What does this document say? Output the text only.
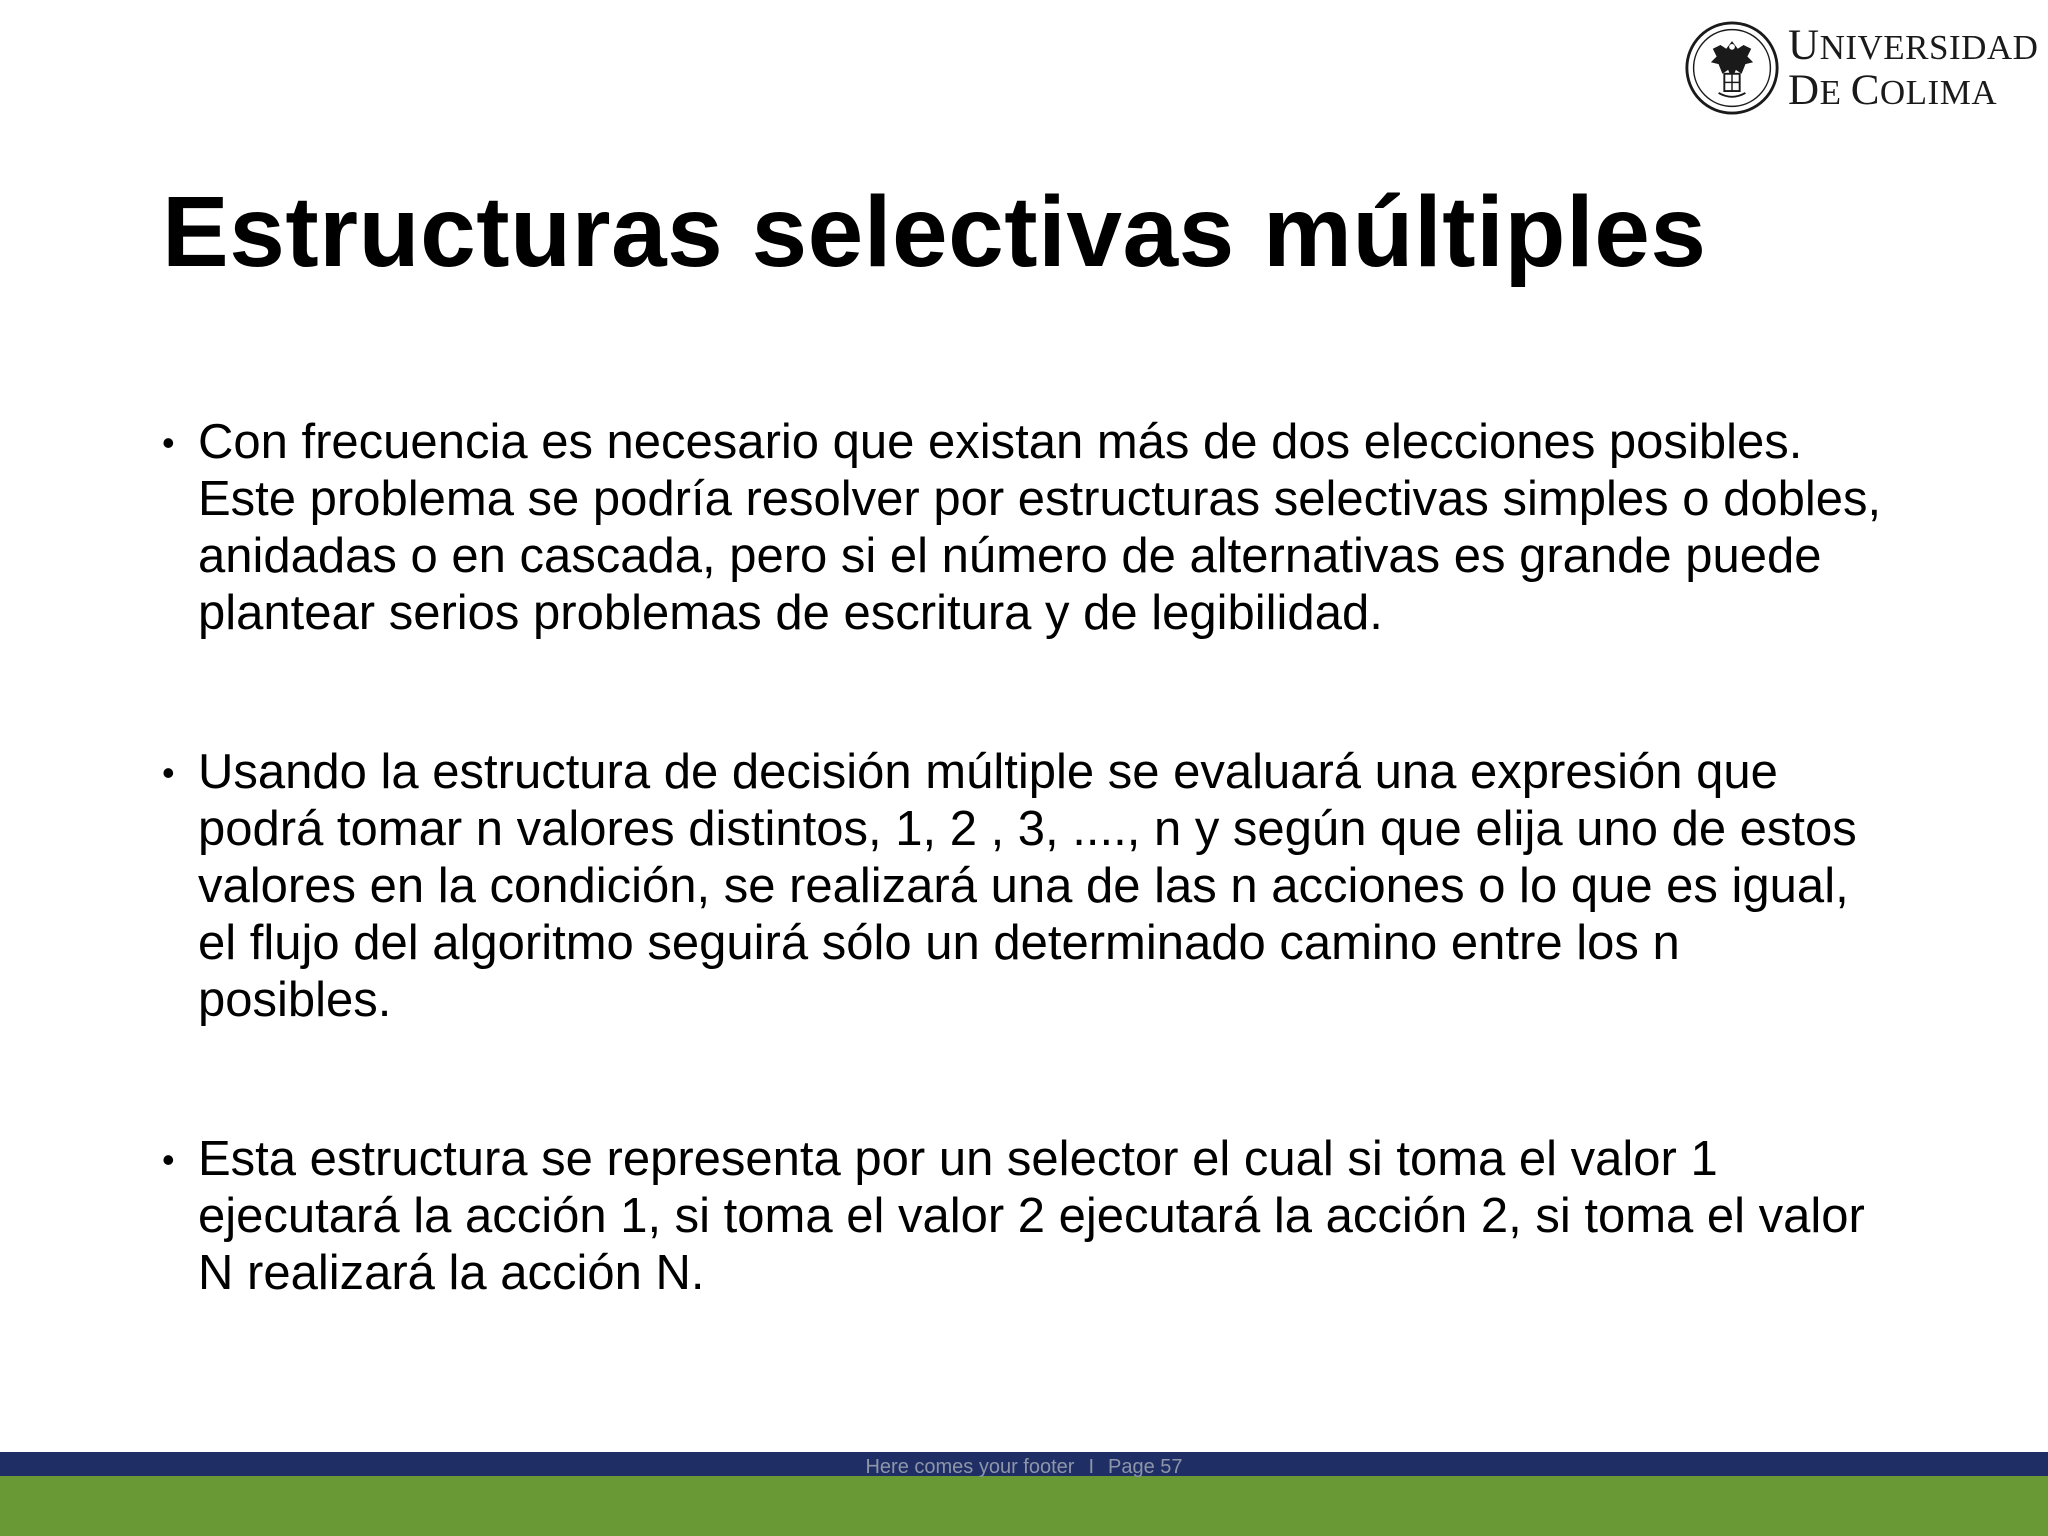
UNIVERSIDAD
DE COLIMA
Estructuras selectivas múltiples
• Con frecuencia es necesario que existan más de dos elecciones posibles. Este problema se podría resolver por estructuras selectivas simples o dobles, anidadas o en cascada, pero si el número de alternativas es grande puede plantear serios problemas de escritura y de legibilidad.
• Usando la estructura de decisión múltiple se evaluará una expresión que podrá tomar n valores distintos, 1, 2 , 3, ...., n y según que elija uno de estos valores en la condición, se realizará una de las n acciones o lo que es igual, el flujo del algoritmo seguirá sólo un determinado camino entre los n posibles.
• Esta estructura se representa por un selector el cual si toma el valor 1 ejecutará la acción 1, si toma el valor 2 ejecutará la acción 2, si toma el valor N realizará la acción N.
Here comes your footer Ι Page 57
